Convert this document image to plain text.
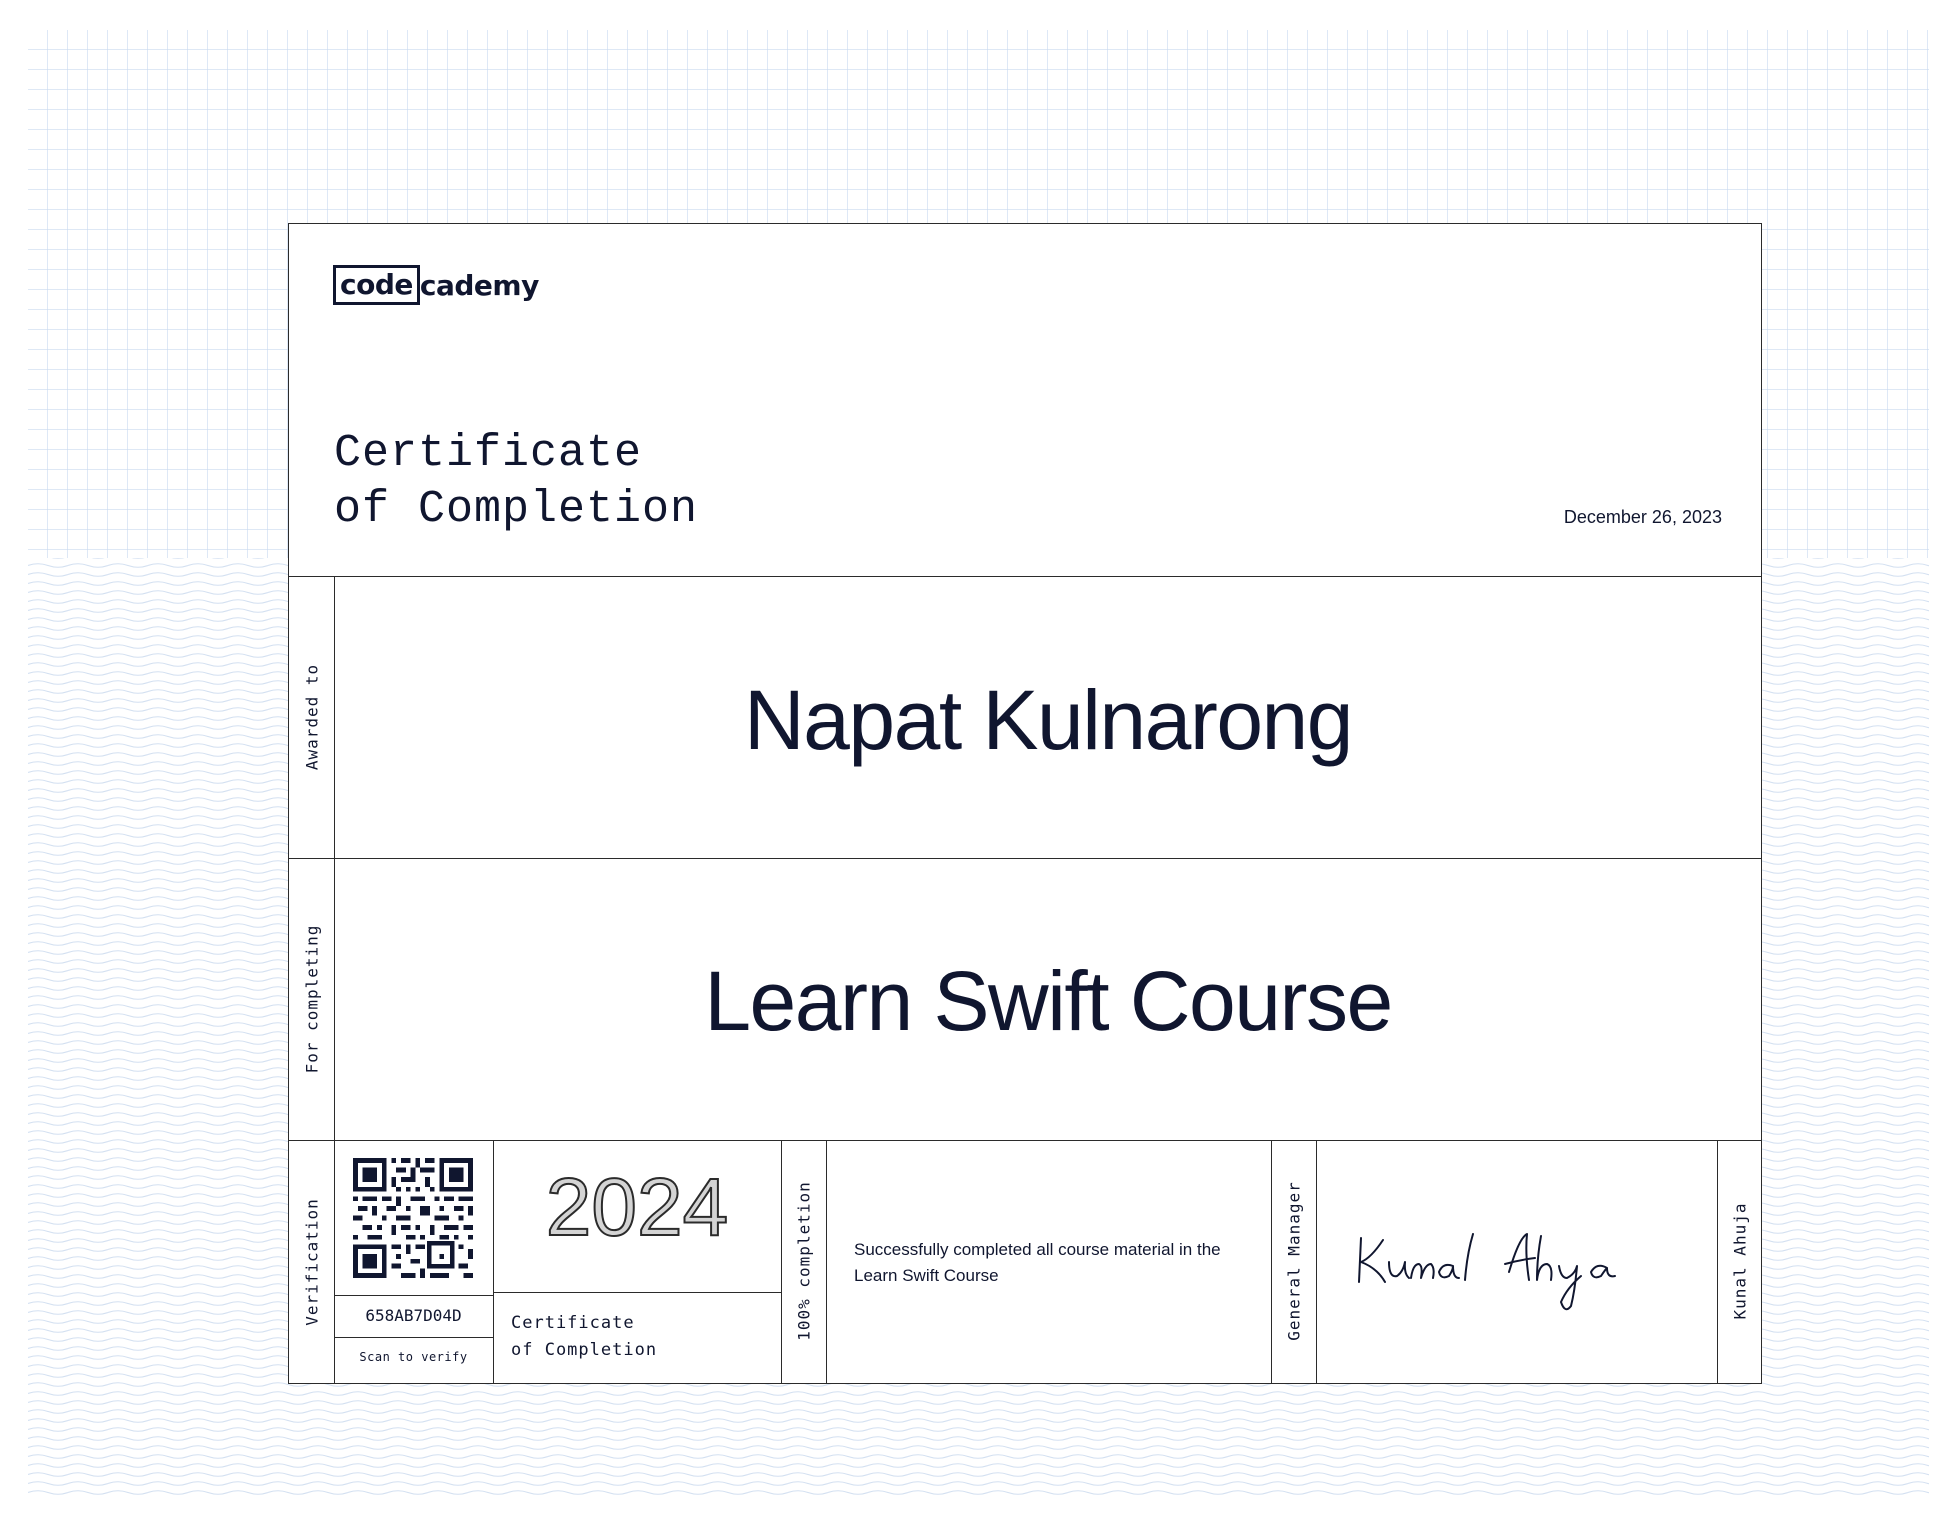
code cademy
Certificate
of Completion	December 26, 2023
Awarded to	Napat Kulnarong
For completing	Learn Swift Course
Verification	658AB7D04D
Scan to verify
2024
Certificate
of Completion
100% completion Successfully completed all course material in the Learn Swift Course	General Manager	Kunal Ahuja
